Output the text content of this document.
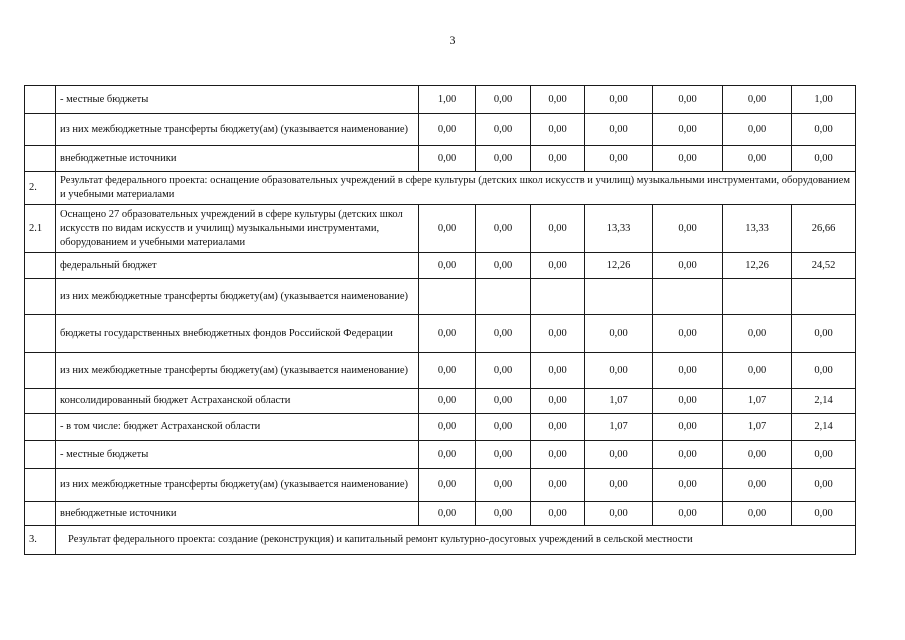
3
	- местные бюджеты	1,00	0,00	0,00	0,00	0,00	0,00	1,00
	из них межбюджетные трансферты бюджету(ам) (указывается наименование)	0,00	0,00	0,00	0,00	0,00	0,00	0,00
	внебюджетные источники	0,00	0,00	0,00	0,00	0,00	0,00	0,00
2.	Результат федерального проекта: оснащение образовательных учреждений в сфере культуры (детских школ искусств и училищ) музыкальными инструментами, оборудованием и учебными материалами							
2.1	Оснащено 27 образовательных учреждений в сфере культуры (детских школ искусств по видам искусств и училищ) музыкальными инструментами, оборудованием и учебными материалами	0,00	0,00	0,00	13,33	0,00	13,33	26,66
	федеральный бюджет	0,00	0,00	0,00	12,26	0,00	12,26	24,52
	из них межбюджетные трансферты бюджету(ам) (указывается наименование)							
	бюджеты государственных внебюджетных фондов Российской Федерации	0,00	0,00	0,00	0,00	0,00	0,00	0,00
	из них межбюджетные трансферты бюджету(ам) (указывается наименование)	0,00	0,00	0,00	0,00	0,00	0,00	0,00
	консолидированный бюджет Астраханской области	0,00	0,00	0,00	1,07	0,00	1,07	2,14
	- в том числе: бюджет Астраханской области	0,00	0,00	0,00	1,07	0,00	1,07	2,14
	- местные бюджеты	0,00	0,00	0,00	0,00	0,00	0,00	0,00
	из них межбюджетные трансферты бюджету(ам) (указывается наименование)	0,00	0,00	0,00	0,00	0,00	0,00	0,00
	внебюджетные источники	0,00	0,00	0,00	0,00	0,00	0,00	0,00
3.	Результат федерального проекта: создание (реконструкция) и капитальный ремонт культурно-досуговых учреждений в сельской местности							
